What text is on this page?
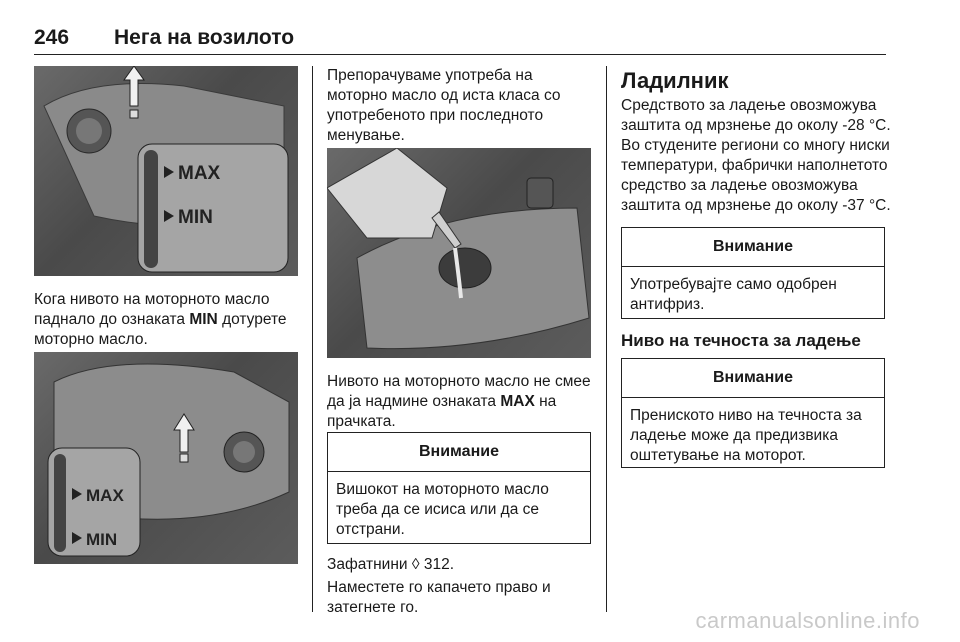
246 Нега на возилото
MAX
MIN
Кога нивото на моторното масло паднало до ознаката MIN дотурете моторно масло.
MAX
MIN
Препорачуваме употреба на моторно масло од иста класа со употребеното при последното менување.
Нивото на моторното масло не смее да ја надмине ознаката MAX на прачката.
Внимание
Вишокот на моторното масло треба да се исиса или да се отстрани.
Зафатнини ◊ 312.
Наместете го капачето право и затегнете го.
Ладилник
Средството за ладење овозможува заштита од мрзнење до околу -28 °C. Во студените региони со многу ниски температури, фабрички наполнетото средство за ладење овозможува заштита од мрзнење до околу -37 °C.
Внимание
Употребувајте само одобрен антифриз.
Ниво на течноста за ладење
Внимание
Прениското ниво на течноста за ладење може да предизвика оштетување на моторот.
carmanualsonline.info
